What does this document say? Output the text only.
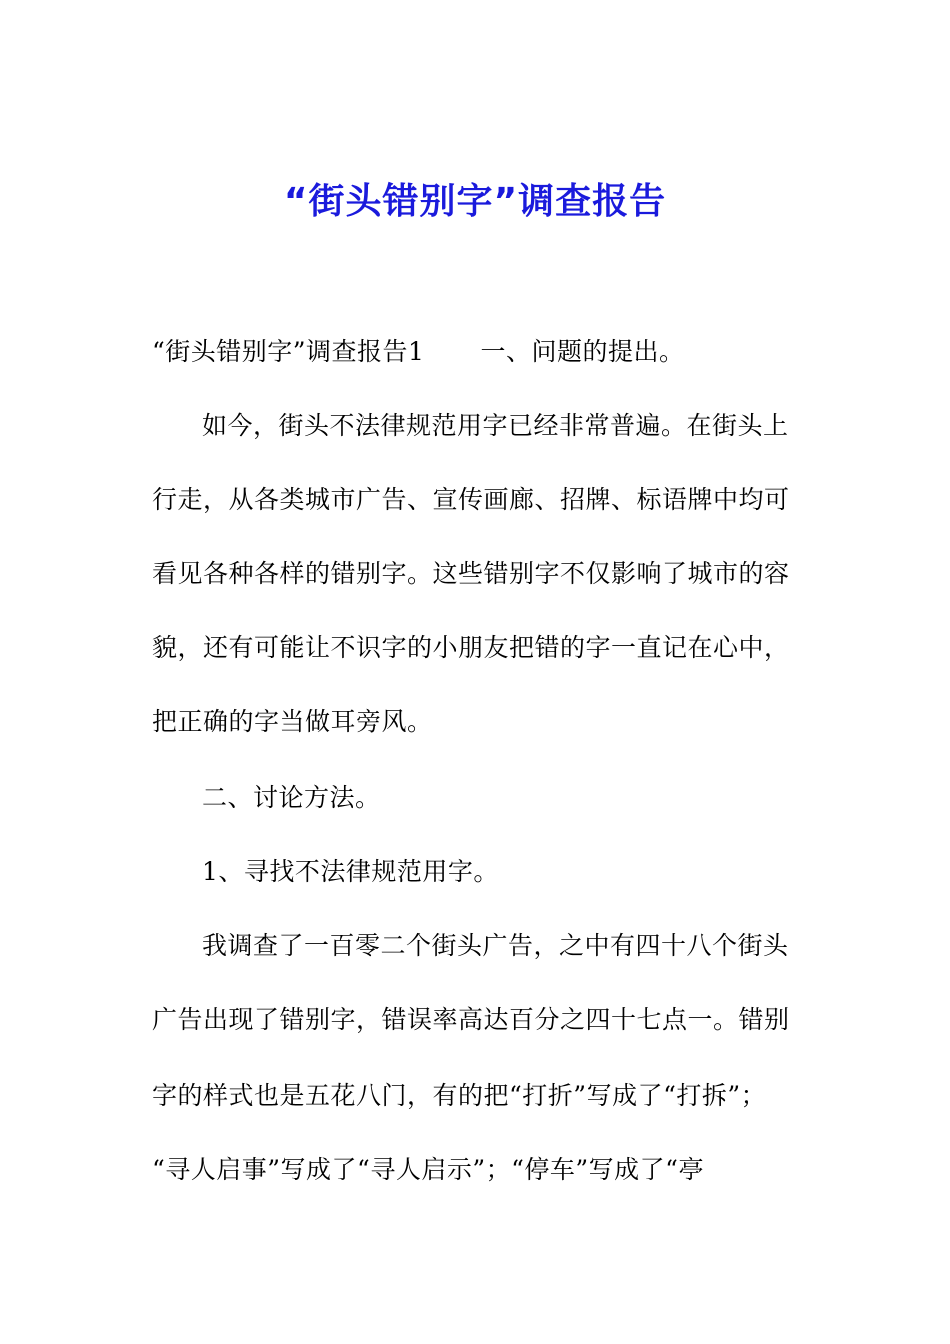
“街头错别字”调查报告
“街头错别字”调查报告1 一、问题的提出。
如今，街头不法律规范用字已经非常普遍。在街头上
行走，从各类城市广告、宣传画廊、招牌、标语牌中均可
看见各种各样的错别字。这些错别字不仅影响了城市的容
貌，还有可能让不识字的小朋友把错的字一直记在心中，
把正确的字当做耳旁风。
二、讨论方法。
1、寻找不法律规范用字。
我调查了一百零二个街头广告，之中有四十八个街头
广告出现了错别字，错误率高达百分之四十七点一。错别
字的样式也是五花八门，有的把“打折”写成了“打拆”；
“寻人启事”写成了“寻人启示”；“停车”写成了“亭
